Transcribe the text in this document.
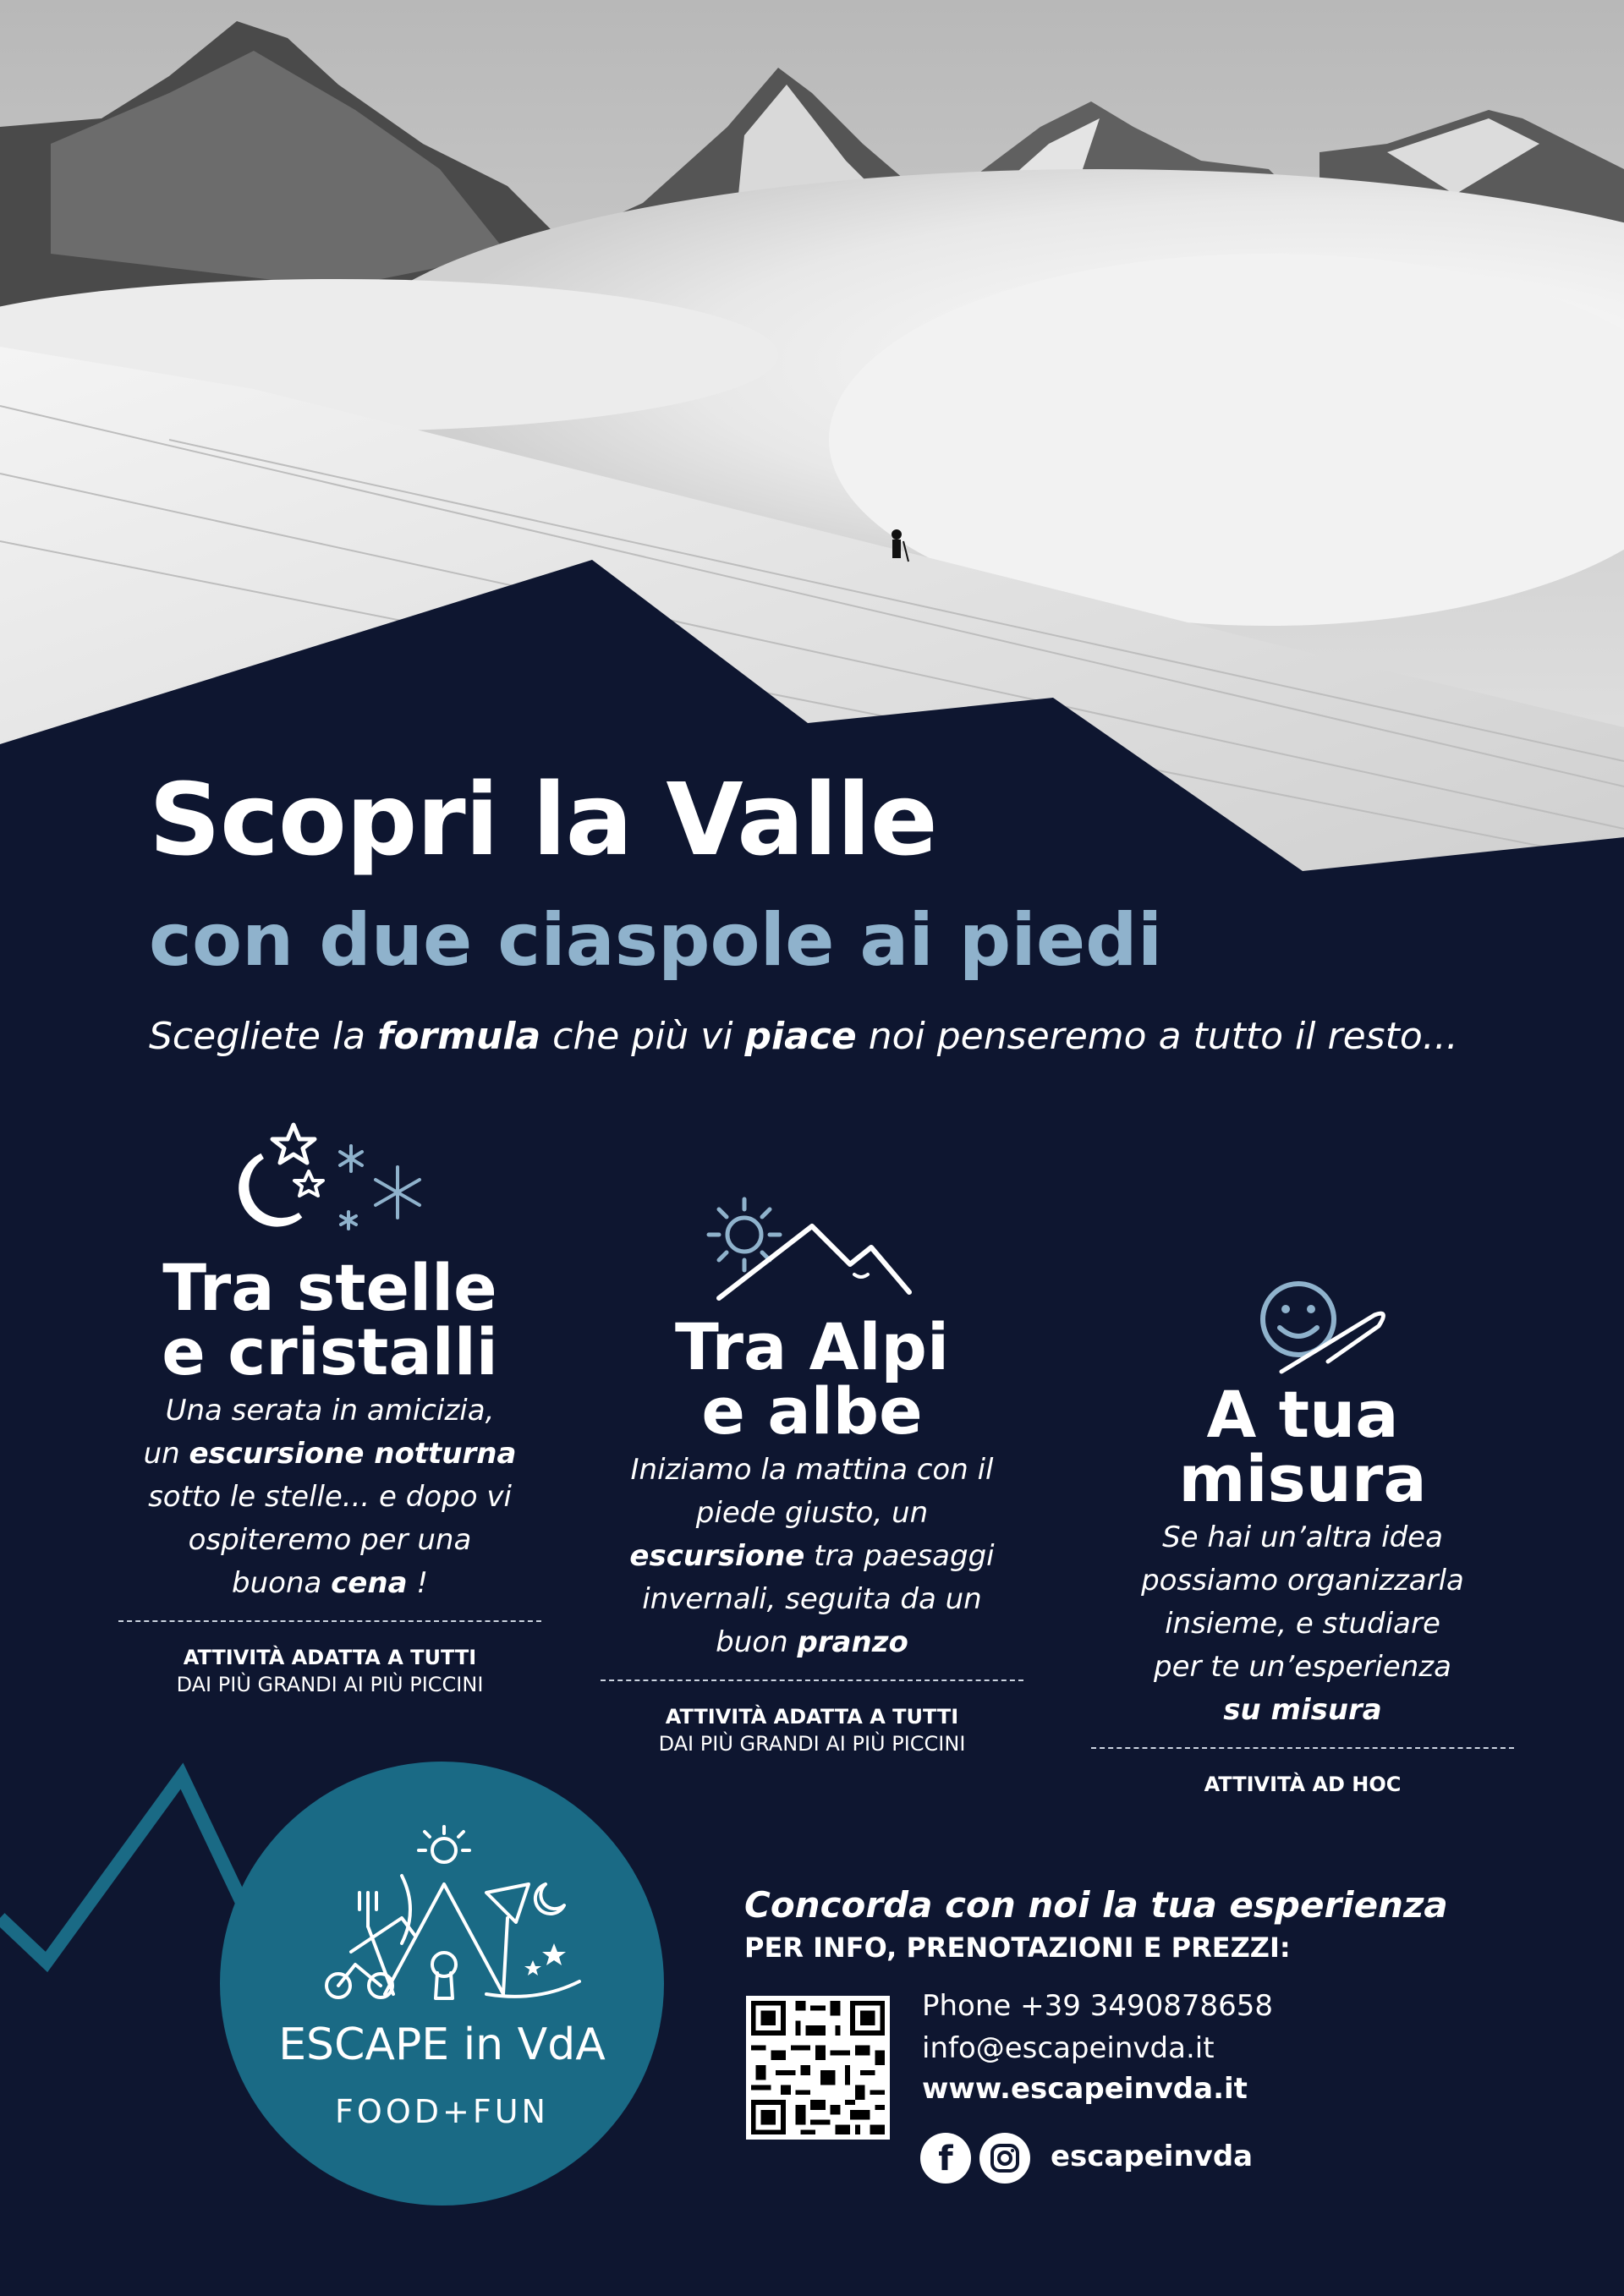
Scopri la Valle
con due ciaspole ai piedi
Scegliete la formula che più vi piace noi penseremo a tutto il resto...
Tra stelle
e cristalli
Una serata in amicizia,
un escursione notturna
sotto le stelle... e dopo vi
ospiteremo per una
buona cena !
ATTIVITÀ ADATTA A TUTTI
DAI PIÙ GRANDI AI PIÙ PICCINI
Tra Alpi
e albe
Iniziamo la mattina con il
piede giusto, un
escursione tra paesaggi
invernali, seguita da un
buon pranzo
ATTIVITÀ ADATTA A TUTTI
DAI PIÙ GRANDI AI PIÙ PICCINI
A tua
misura
Se hai un’altra idea
possiamo organizzarla
insieme, e studiare
per te un’esperienza
su misura
ATTIVITÀ AD HOC
ESCAPE in VdA
FOOD+FUN
Concorda con noi la tua esperienza
PER INFO, PRENOTAZIONI E PREZZI:
Phone +39 3490878658
info@escapeinvda.it
www.escapeinvda.it
f	escapeinvda
